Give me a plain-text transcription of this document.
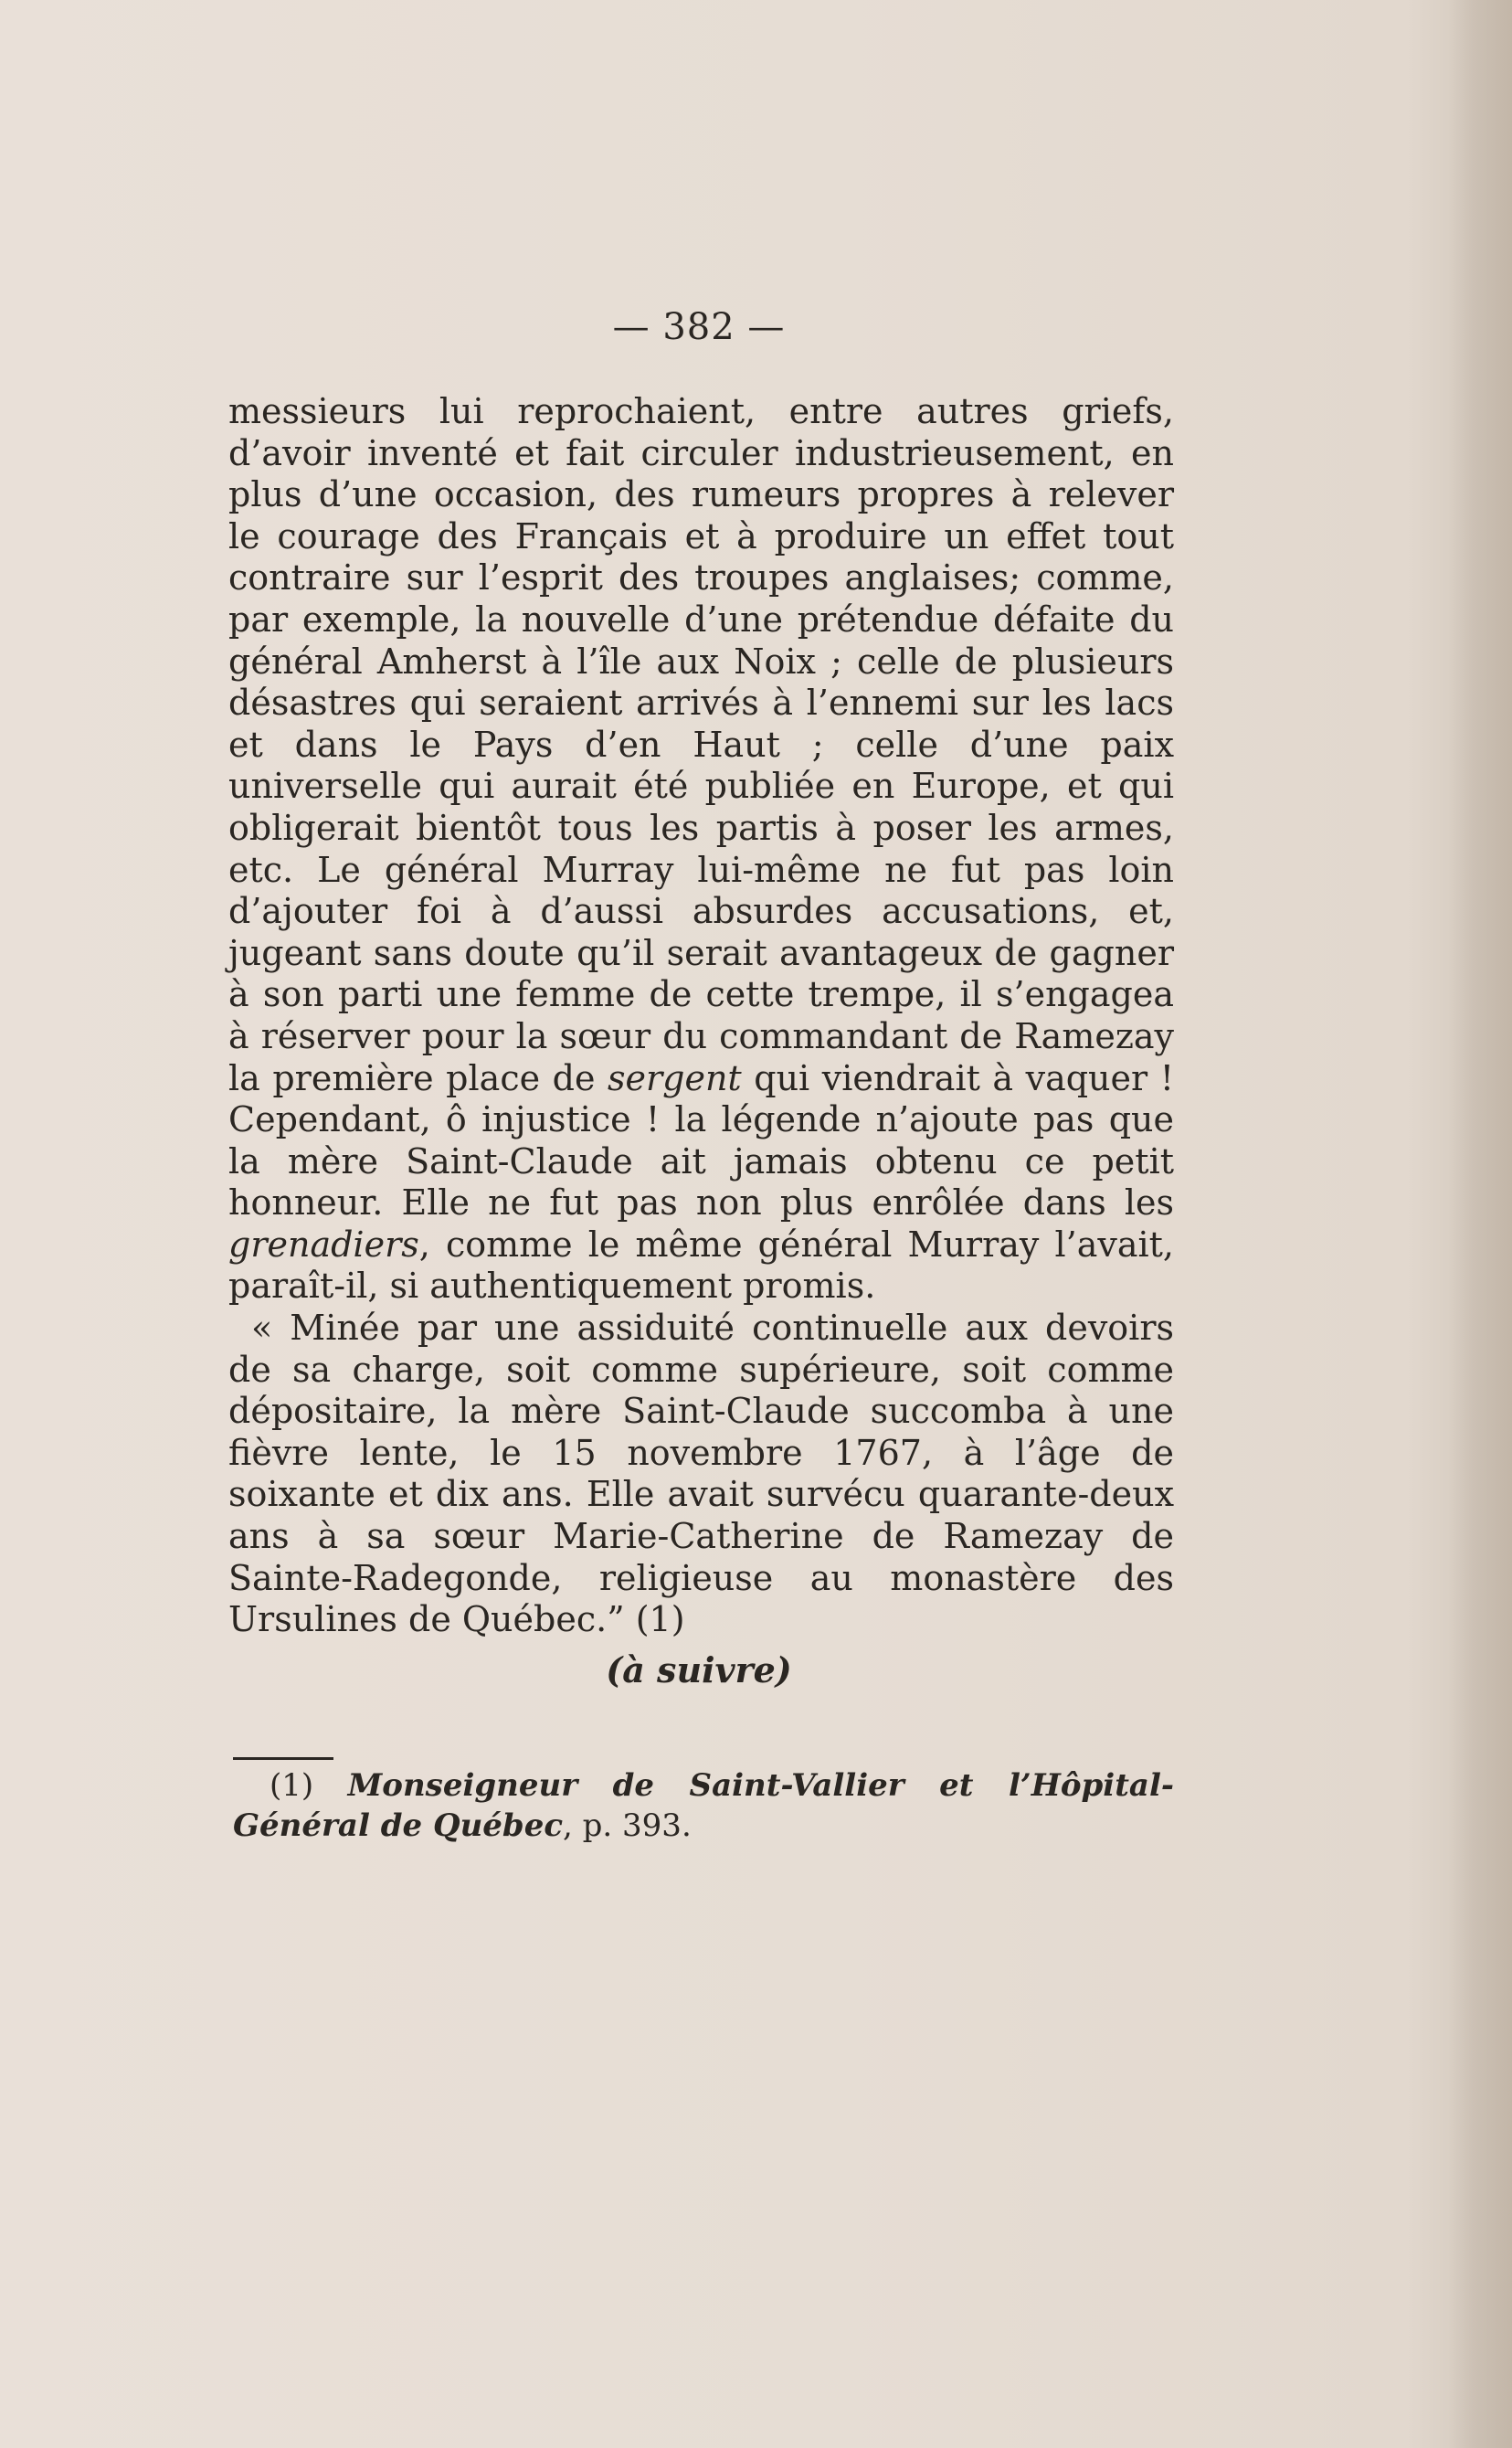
— 382 —

messieurs lui reprochaient, entre autres griefs, d’avoir inventé et fait circuler industrieusement, en plus d’une occasion, des rumeurs propres à relever le courage des Français et à produire un effet tout contraire sur l’esprit des troupes anglaises; comme, par exemple, la nouvelle d’une prétendue défaite du général Amherst à l’île aux Noix ; celle de plusieurs désastres qui seraient arrivés à l’ennemi sur les lacs et dans le Pays d’en Haut ; celle d’une paix universelle qui aurait été publiée en Europe, et qui obligerait bientôt tous les partis à poser les armes, etc. Le général Murray lui-même ne fut pas loin d’ajouter foi à d’aussi absurdes accusations, et, jugeant sans doute qu’il serait avantageux de gagner à son parti une femme de cette trempe, il s’engagea à réserver pour la sœur du commandant de Ramezay la première place de sergent qui viendrait à vaquer ! Cependant, ô injustice ! la légende n’ajoute pas que la mère Saint-Claude ait jamais obtenu ce petit honneur. Elle ne fut pas non plus enrôlée dans les grenadiers, comme le même général Murray l’avait, paraît-il, si authentiquement promis.

« Minée par une assiduité continuelle aux devoirs de sa charge, soit comme supérieure, soit comme dépositaire, la mère Saint-Claude succomba à une fièvre lente, le 15 novembre 1767, à l’âge de soixante et dix ans. Elle avait survécu quarante-deux ans à sa sœur Marie-Catherine de Ramezay de Sainte-Radegonde, religieuse au monastère des Ursulines de Québec.” (1)

(à suivre)
(1) Monseigneur de Saint-Vallier et l’Hôpital-Général de Québec, p. 393.
